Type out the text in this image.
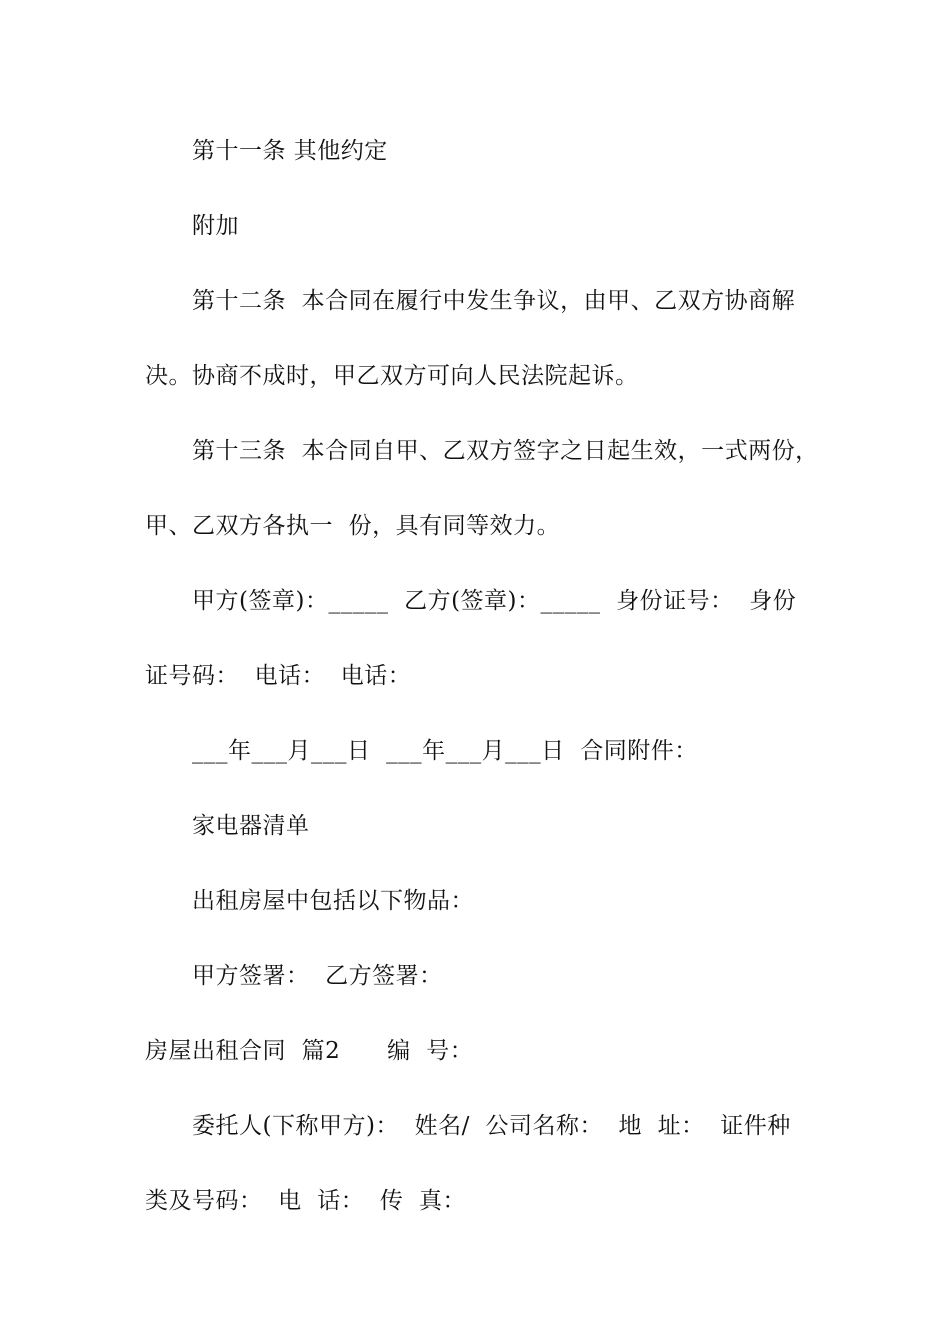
第十一条 其他约定
附加
第十二条  本合同在履行中发生争议，由甲、乙双方协商解
决。协商不成时，甲乙双方可向人民法院起诉。
第十三条  本合同自甲、乙双方签字之日起生效，一式两份，
甲、乙双方各执一  份，具有同等效力。
甲方(签章)：_____  乙方(签章)：_____  身份证号：  身份
证号码：  电话：  电话：
___年___月___日  ___年___月___日  合同附件：
家电器清单
出租房屋中包括以下物品：
甲方签署：  乙方签署：
房屋出租合同  篇2      编  号：
委托人(下称甲方)：  姓名/  公司名称：  地  址：  证件种
类及号码：  电  话：  传  真：
